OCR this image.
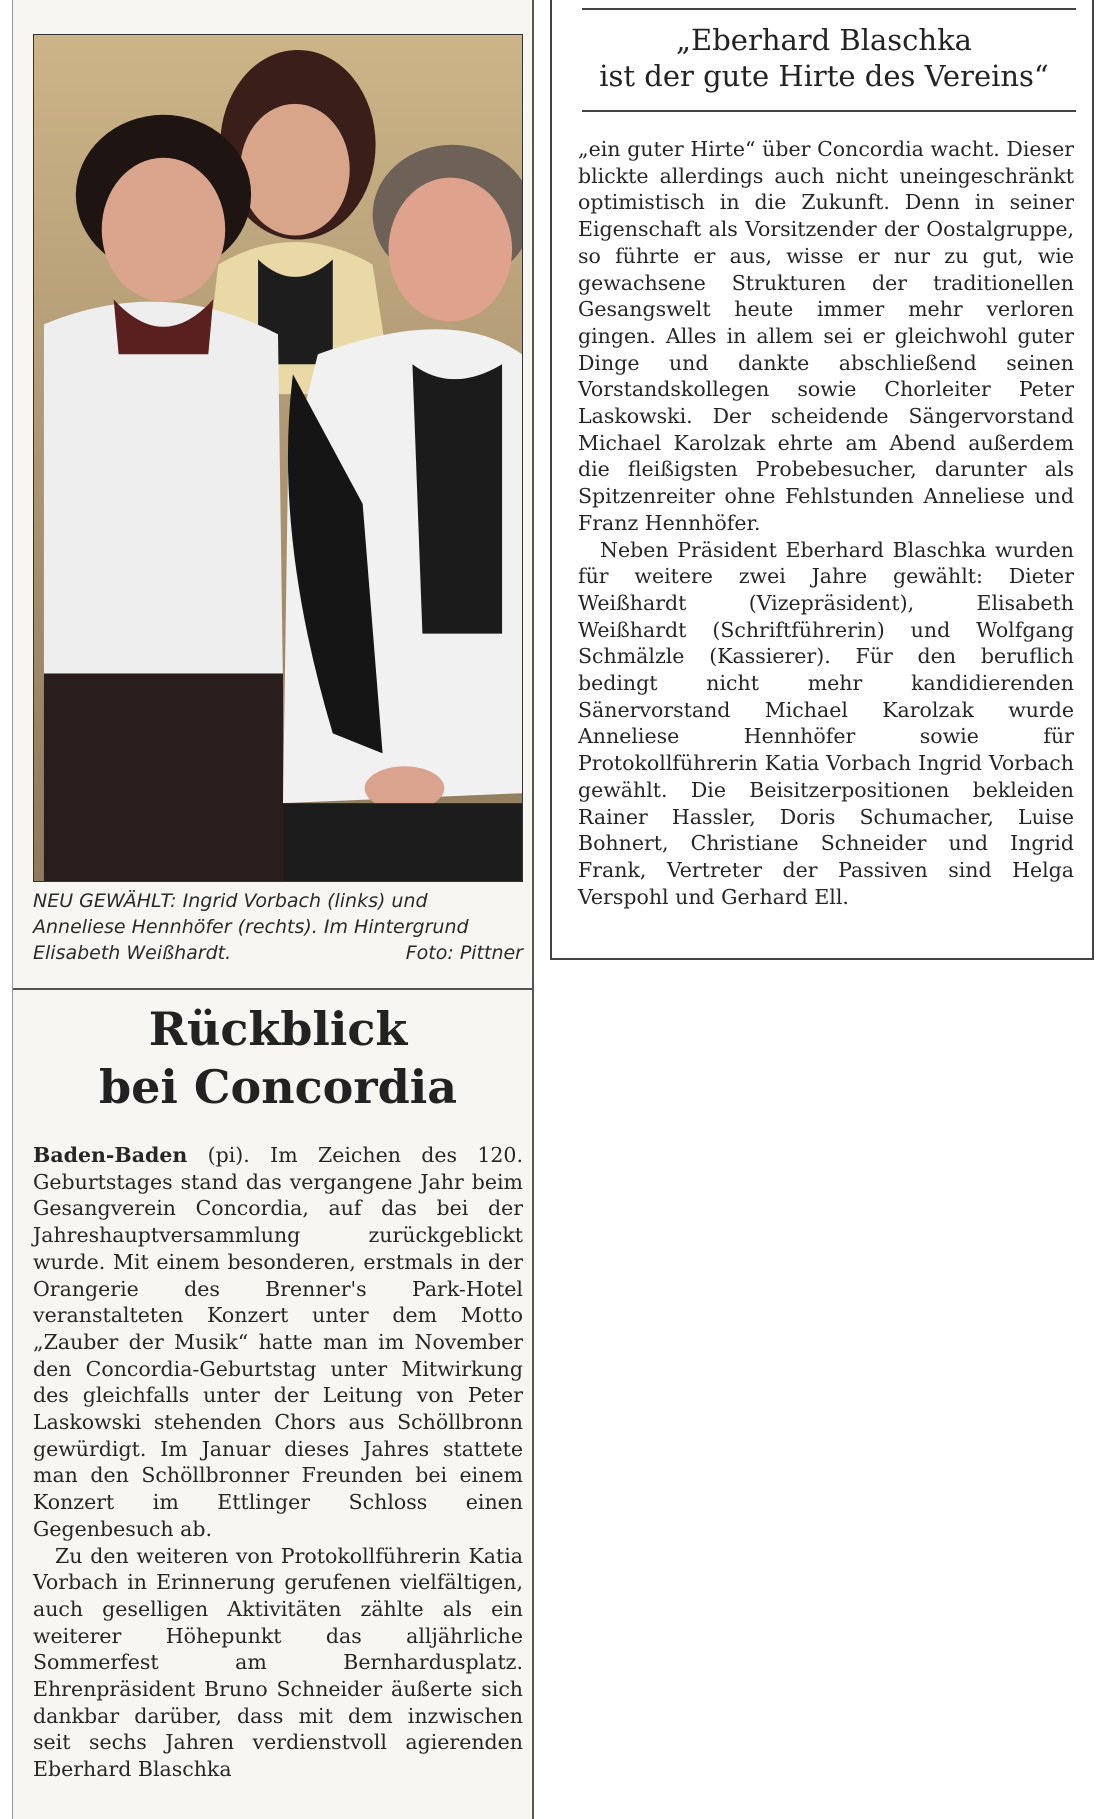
NEU GEWÄHLT: Ingrid Vorbach (links) und
Anneliese Hennhöfer (rechts). Im Hintergrund
Elisabeth Weißhardt.	Foto: Pittner
Rückblick
bei Concordia

Baden-Baden (pi). Im Zeichen des 120. Geburtstages stand das vergangene Jahr beim Gesangverein Concordia, auf das bei der Jahreshauptversammlung zurückgeblickt wurde. Mit einem besonderen, erstmals in der Orangerie des Brenner's Park-Hotel veranstalteten Konzert unter dem Motto „Zauber der Musik“ hatte man im November den Concordia-Geburtstag unter Mitwirkung des gleichfalls unter der Leitung von Peter Laskowski stehenden Chors aus Schöllbronn gewürdigt. Im Januar dieses Jahres stattete man den Schöllbronner Freunden bei einem Konzert im Ettlinger Schloss einen Gegenbesuch ab.

Zu den weiteren von Protokollführerin Katia Vorbach in Erinnerung gerufenen vielfältigen, auch geselligen Aktivitäten zählte als ein weiterer Höhepunkt das alljährliche Sommerfest am Bernhardusplatz. Ehrenpräsident Bruno Schneider äußerte sich dankbar darüber, dass mit dem inzwischen seit sechs Jahren verdienstvoll agierenden Eberhard Blaschka

„Eberhard Blaschka
ist der gute Hirte des Vereins“

„ein guter Hirte“ über Concordia wacht. Dieser blickte allerdings auch nicht uneingeschränkt optimistisch in die Zukunft. Denn in seiner Eigenschaft als Vorsitzender der Oostalgruppe, so führte er aus, wisse er nur zu gut, wie gewachsene Strukturen der traditionellen Gesangswelt heute immer mehr verloren gingen. Alles in allem sei er gleichwohl guter Dinge und dankte abschließend seinen Vorstandskollegen sowie Chorleiter Peter Laskowski. Der scheidende Sängervorstand Michael Karolzak ehrte am Abend außerdem die fleißigsten Probebesucher, darunter als Spitzenreiter ohne Fehlstunden Anneliese und Franz Hennhöfer.

Neben Präsident Eberhard Blaschka wurden für weitere zwei Jahre gewählt: Dieter Weißhardt (Vizepräsident), Elisabeth Weißhardt (Schriftführerin) und Wolfgang Schmälzle (Kassierer). Für den beruflich bedingt nicht mehr kandidierenden Sänervorstand Michael Karolzak wurde Anneliese Hennhöfer sowie für Protokollführerin Katia Vorbach Ingrid Vorbach gewählt. Die Beisitzerpositionen bekleiden Rainer Hassler, Doris Schumacher, Luise Bohnert, Christiane Schneider und Ingrid Frank, Vertreter der Passiven sind Helga Verspohl und Gerhard Ell.
